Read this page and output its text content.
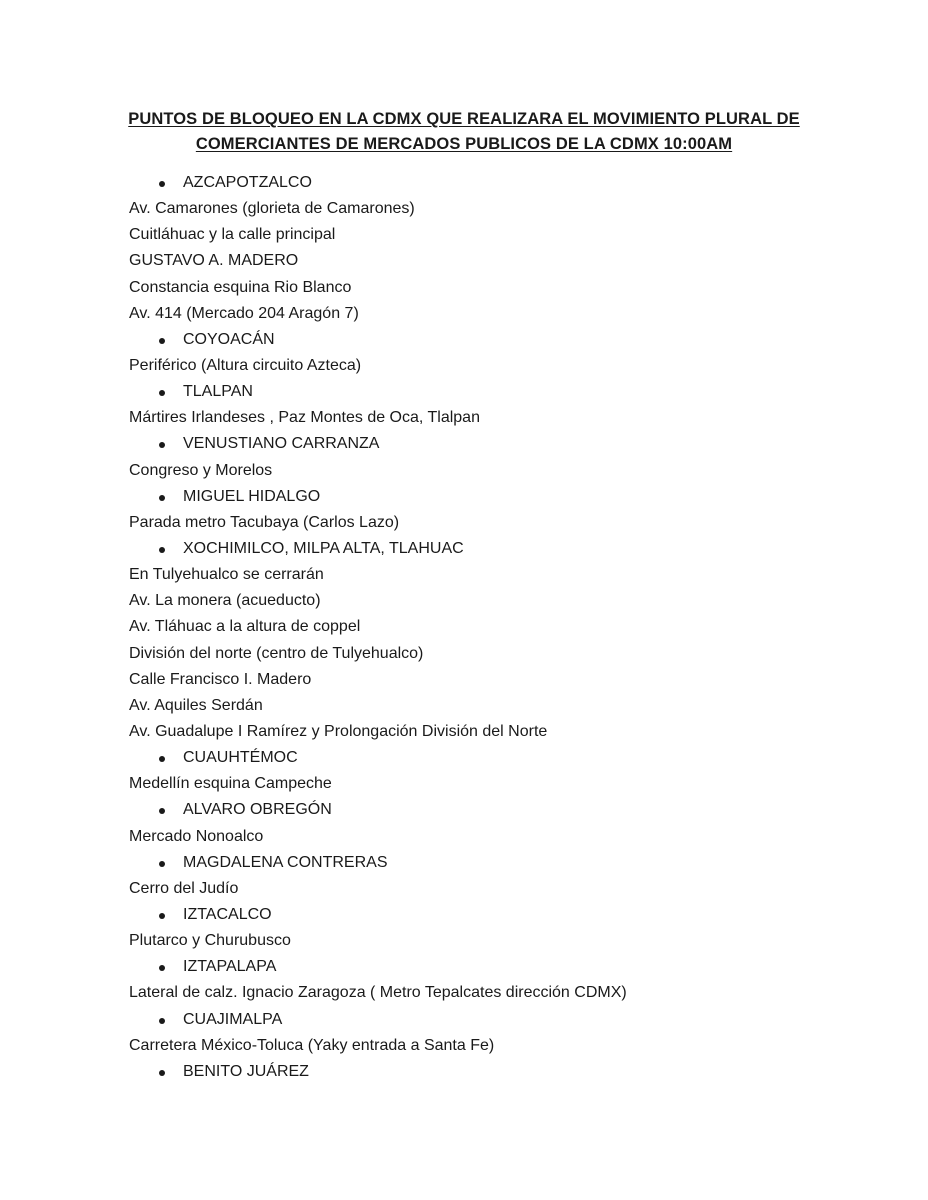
PUNTOS DE BLOQUEO EN LA CDMX QUE REALIZARA EL MOVIMIENTO PLURAL DE
COMERCIANTES DE MERCADOS PUBLICOS DE LA CDMX 10:00AM
AZCAPOTZALCO
Av. Camarones (glorieta de Camarones)
Cuitláhuac y la calle principal
GUSTAVO A. MADERO
Constancia esquina Rio Blanco
Av. 414 (Mercado 204 Aragón 7)
COYOACÁN
Periférico (Altura circuito Azteca)
TLALPAN
Mártires Irlandeses , Paz Montes de Oca, Tlalpan
VENUSTIANO CARRANZA
Congreso y Morelos
MIGUEL HIDALGO
Parada metro Tacubaya (Carlos Lazo)
XOCHIMILCO, MILPA ALTA, TLAHUAC
En Tulyehualco se cerrarán
Av. La monera (acueducto)
Av. Tláhuac a la altura de coppel
División del norte (centro de Tulyehualco)
Calle Francisco I. Madero
Av. Aquiles Serdán
Av. Guadalupe I Ramírez y Prolongación División del Norte
CUAUHTÉMOC
Medellín esquina Campeche
ALVARO OBREGÓN
Mercado Nonoalco
MAGDALENA CONTRERAS
Cerro del Judío
IZTACALCO
Plutarco y Churubusco
IZTAPALAPA
Lateral de calz. Ignacio Zaragoza ( Metro Tepalcates dirección CDMX)
CUAJIMALPA
Carretera México-Toluca (Yaky entrada a Santa Fe)
BENITO JUÁREZ
